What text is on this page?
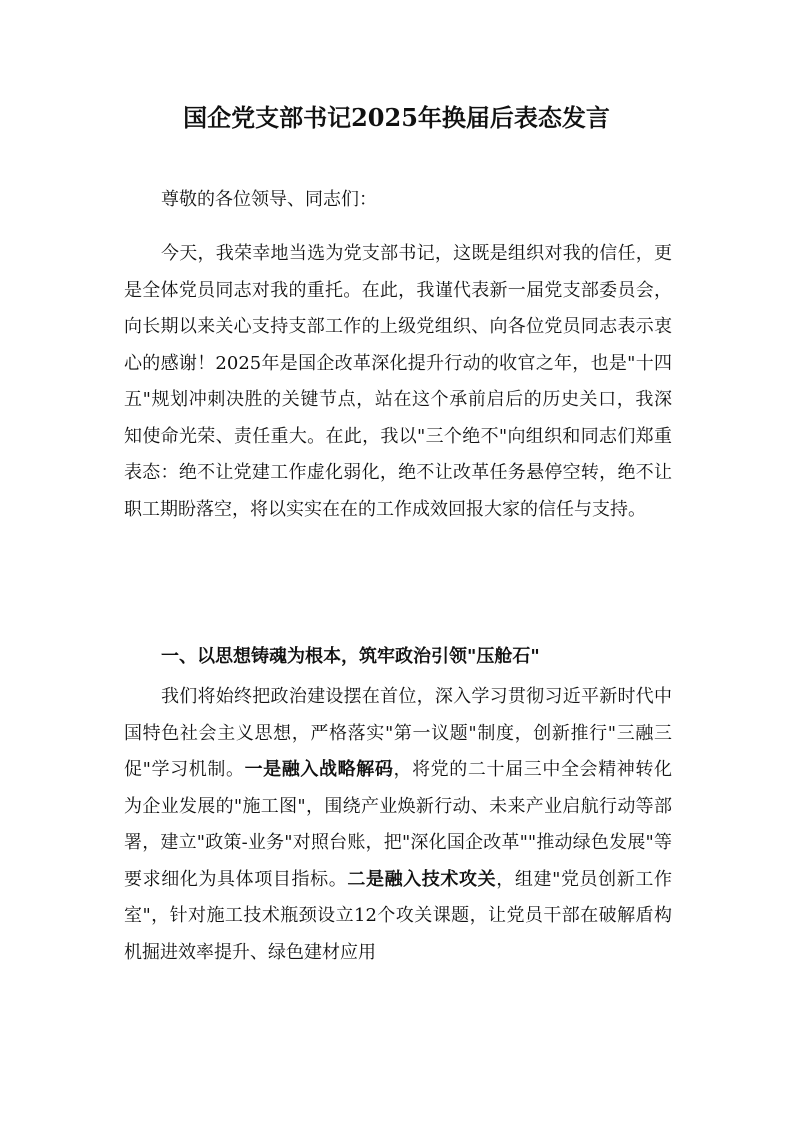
国企党支部书记2025年换届后表态发言

尊敬的各位领导、同志们：

今天，我荣幸地当选为党支部书记，这既是组织对我的信任，更是全体党员同志对我的重托。在此，我谨代表新一届党支部委员会，向长期以来关心支持支部工作的上级党组织、向各位党员同志表示衷心的感谢！2025年是国企改革深化提升行动的收官之年，也是"十四五"规划冲刺决胜的关键节点，站在这个承前启后的历史关口，我深知使命光荣、责任重大。在此，我以"三个绝不"向组织和同志们郑重表态：绝不让党建工作虚化弱化，绝不让改革任务悬停空转，绝不让职工期盼落空，将以实实在在的工作成效回报大家的信任与支持。

一、以思想铸魂为根本，筑牢政治引领"压舱石"

我们将始终把政治建设摆在首位，深入学习贯彻习近平新时代中国特色社会主义思想，严格落实"第一议题"制度，创新推行"三融三促"学习机制。一是融入战略解码，将党的二十届三中全会精神转化为企业发展的"施工图"，围绕产业焕新行动、未来产业启航行动等部署，建立"政策-业务"对照台账，把"深化国企改革""推动绿色发展"等要求细化为具体项目指标。二是融入技术攻关，组建"党员创新工作室"，针对施工技术瓶颈设立12个攻关课题，让党员干部在破解盾构机掘进效率提升、绿色建材应用
